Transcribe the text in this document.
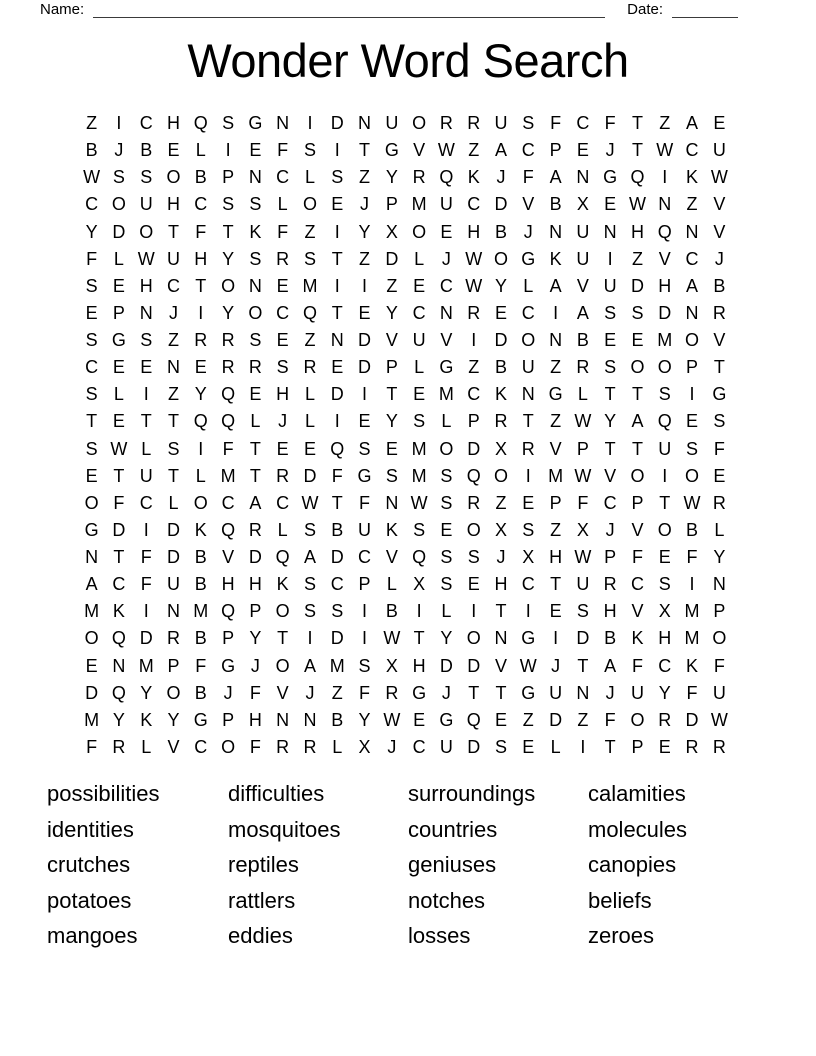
Name:	Date:
Wonder Word Search
Z	I	C H Q S G N	I	D N U O R R U S F C F T Z A E
B J B E L	I	E F S	I	T G V W Z A C P E J T W C U
W S S O B P N C L S Z Y R Q K J F A N G Q I	K W
C O U H C S S L O E J P M U C D V B X E W N Z V
Y D O T F T K F Z	I	Y X O E H B J N U N H Q N V
F L W U H Y S R S T Z D L J W O G K U	I	Z V C J
S E H C T O N E M I	I	Z E C W Y L A V U D H A B
E P N J	I	Y O C Q T E Y C N R E C	I	A S S D N R
S G S Z R R S E Z N D V U V	I	D O N B E E M O V
C E E N E R R S R E D P L G Z B U Z R S O O P T
S L	I	Z Y Q E H L D	I	T E M C K N G L T T S	I G
T E T T Q Q L J L	I	E Y S L P R T Z W Y A Q E S
S W L S	I	F T E E Q S E M O D X R V P T T U S F
E T U T L M T R D F G S M S Q O I M W V O I O E
O F C L O C A C W T F N W S R Z E P F C P T W R
G D	I	D K Q R L S B U K S E O X S Z X J V O B L
N T F D B V D Q A D C V Q S S J X H W P F E F Y
A C F U B H H K S C P L X S E H C T U R C S	I	N
M K	I	N M Q P O S S	I	B	I	L	I	T	I	E S H V X M P
O Q D R B P Y T	I	D	I W T Y O N G I	D B K H M O
E N M P F G J O A M S X H D D V W J T A F C K F
D Q Y O B J F V J Z F R G J T T G U N J U Y F U
M Y K Y G P H N N B Y W E G Q E Z D Z F O R D W
F R L V C O F R R L X J C U D S E L	I	T P E R R
possibilities
identities
crutches
potatoes
mangoes
difficulties
mosquitoes
reptiles
rattlers
eddies
surroundings
countries
geniuses
notches
losses
calamities
molecules
canopies
beliefs
zeroes
